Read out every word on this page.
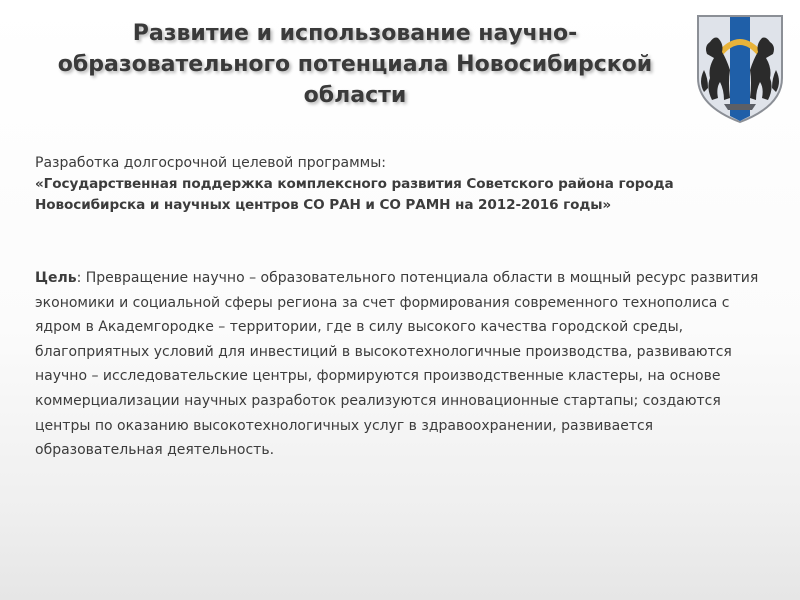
Развитие и использование научно-образовательного потенциала Новосибирской области
Разработка долгосрочной целевой программы:
«Государственная поддержка комплексного развития Советского района города Новосибирска и научных центров СО РАН и СО РАМН на 2012-2016 годы»

Цель: Превращение научно – образовательного потенциала области в мощный ресурс развития экономики и социальной сферы региона за счет формирования современного технополиса с ядром в Академгородке – территории, где в силу высокого качества городской среды, благоприятных условий для инвестиций в высокотехнологичные производства, развиваются научно – исследовательские центры, формируются производственные кластеры, на основе коммерциализации научных разработок реализуются инновационные стартапы; создаются центры по оказанию высокотехнологичных услуг в здравоохранении, развивается образовательная деятельность.
